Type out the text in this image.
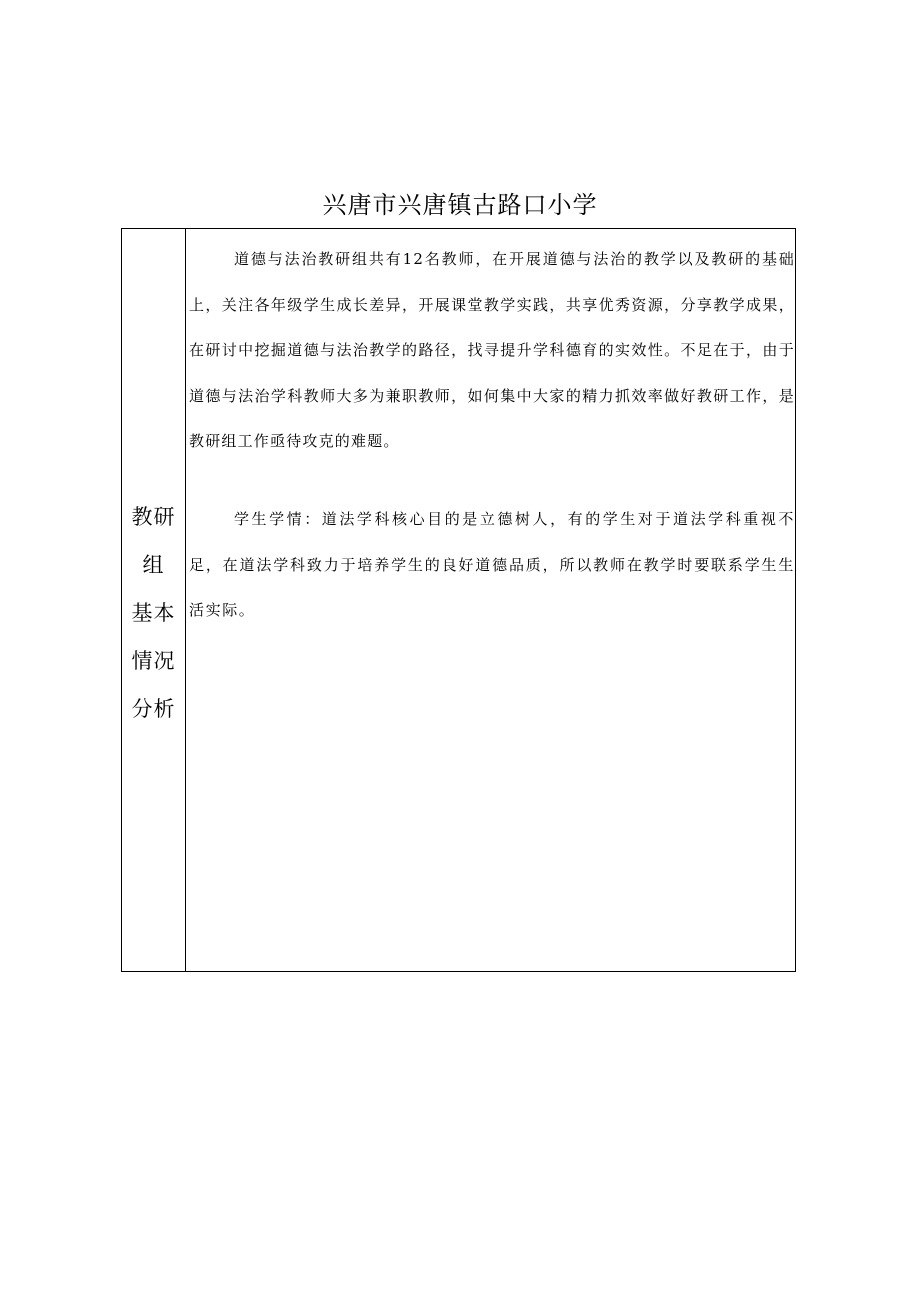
兴唐市兴唐镇古路口小学
教研
组
基本
情况
分析

道德与法治教研组共有12名教师，在开展道德与法治的教学以及教研的基础上，关注各年级学生成长差异，开展课堂教学实践，共享优秀资源，分享教学成果，在研讨中挖掘道德与法治教学的路径，找寻提升学科德育的实效性。不足在于，由于道德与法治学科教师大多为兼职教师，如何集中大家的精力抓效率做好教研工作，是教研组工作亟待攻克的难题。

学生学情：道法学科核心目的是立德树人，有的学生对于道法学科重视不足，在道法学科致力于培养学生的良好道德品质，所以教师在教学时要联系学生生活实际。
